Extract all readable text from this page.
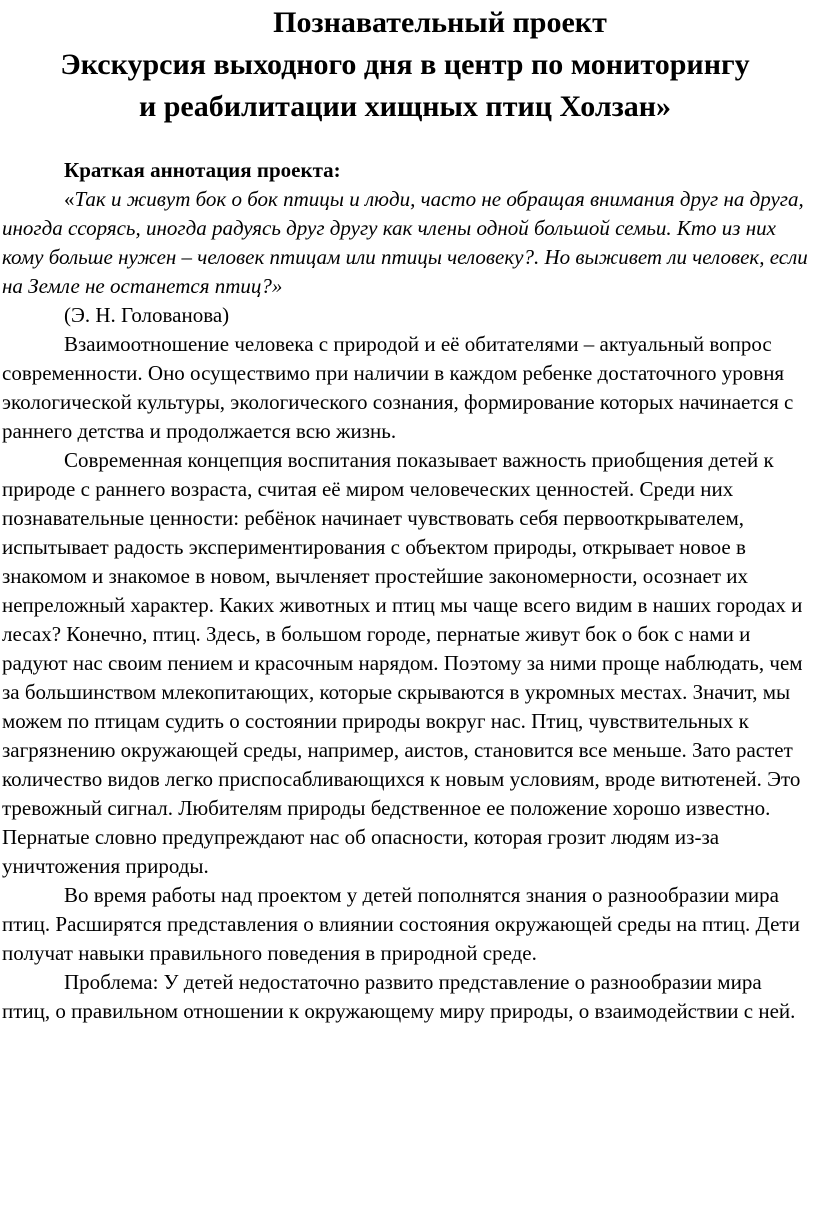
Познавательный проект
Экскурсия выходного дня в центр по мониторингу
и реабилитации хищных птиц Холзан»

Краткая аннотация проекта:

«Так и живут бок о бок птицы и люди, часто не обращая внимания друг на друга, иногда ссорясь, иногда радуясь друг другу как члены одной большой семьи. Кто из них кому больше нужен – человек птицам или птицы человеку?. Но выживет ли человек, если на Земле не останется птиц?»

(Э. Н. Голованова)

Взаимоотношение человека с природой и её обитателями – актуальный вопрос современности. Оно осуществимо при наличии в каждом ребенке достаточного уровня экологической культуры, экологического сознания, формирование которых начинается с раннего детства и продолжается всю жизнь.

Современная концепция воспитания показывает важность приобщения детей к природе с раннего возраста, считая её миром человеческих ценностей. Среди них познавательные ценности: ребёнок начинает чувствовать себя первооткрывателем, испытывает радость экспериментирования с объектом природы, открывает новое в знакомом и знакомое в новом, вычленяет простейшие закономерности, осознает их непреложный характер. Каких животных и птиц мы чаще всего видим в наших городах и лесах? Конечно, птиц. Здесь, в большом городе, пернатые живут бок о бок с нами и радуют нас своим пением и красочным нарядом. Поэтому за ними проще наблюдать, чем за большинством млекопитающих, которые скрываются в укромных местах. Значит, мы можем по птицам судить о состоянии природы вокруг нас. Птиц, чувствительных к загрязнению окружающей среды, например, аистов, становится все меньше. Зато растет количество видов легко приспосабливающихся к новым условиям, вроде витютеней. Это тревожный сигнал. Любителям природы бедственное ее положение хорошо известно. Пернатые словно предупреждают нас об опасности, которая грозит людям из-за уничтожения природы.

Во время работы над проектом у детей пополнятся знания о разнообразии мира птиц. Расширятся представления о влиянии состояния окружающей среды на птиц. Дети получат навыки правильного поведения в природной среде.

Проблема: У детей недостаточно развито представление о разнообразии мира птиц, о правильном отношении к окружающему миру природы, о взаимодействии с ней.
